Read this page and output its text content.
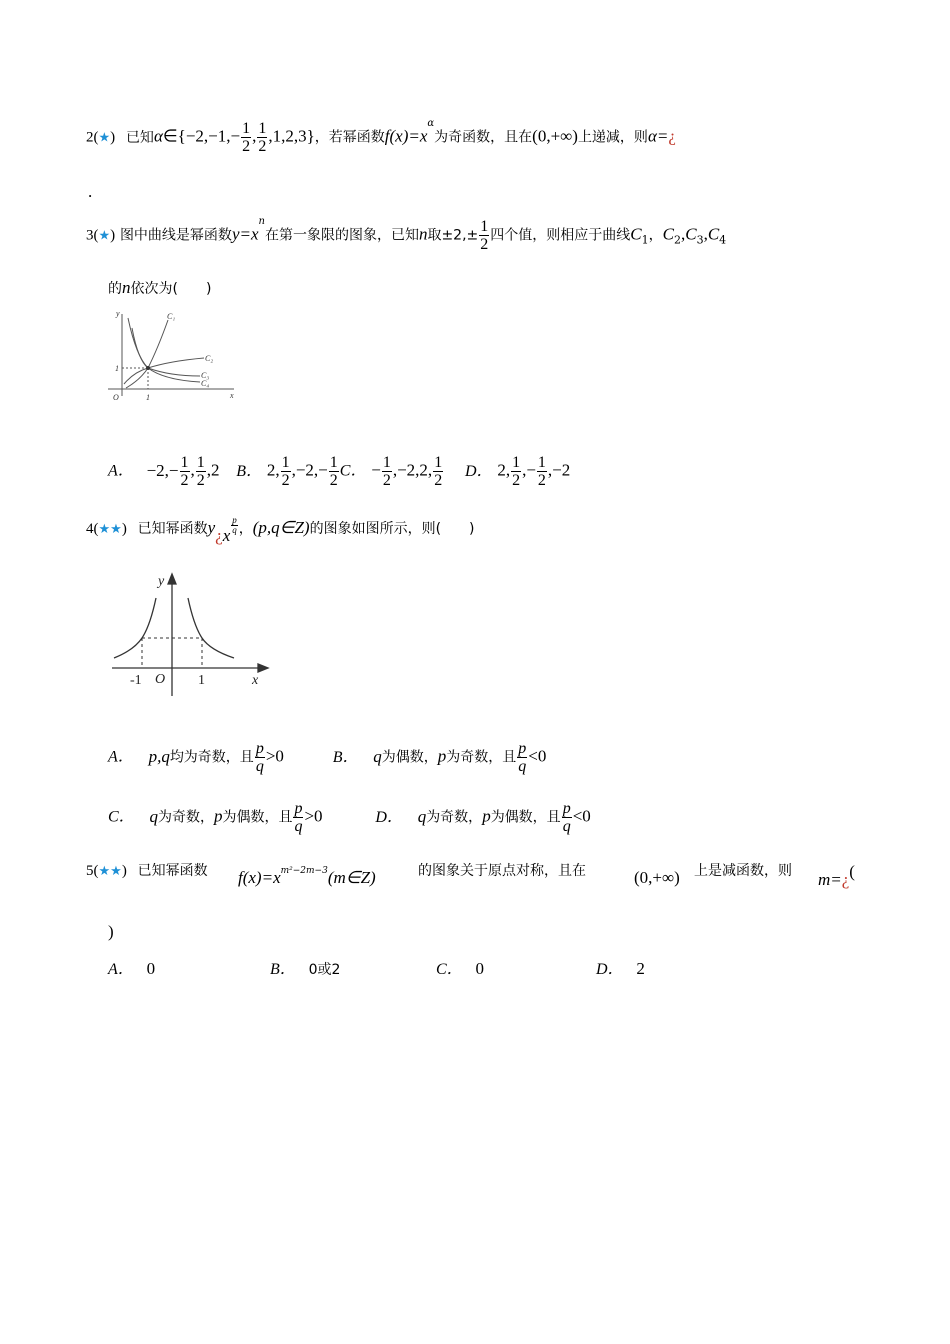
2(★) 已知α∈{−2,−1,− $\frac{1}{2}$ , $\frac{1}{2} ,1,2,3$}，若幂函数$f(x)=x^\alpha$为奇函数，且在(0,+∞)上递减，则α=¿
.
3(★) 图中曲线是幂函数$y=x^n$在第一象限的图象，已知n取$\pm 2,\pm \frac{1}{2}$ 四个值，则相应于曲线$C_1$，$C_2,C_3,C_4$
的n依次为(　　)
y
x
O	1
1
C₁
C₂
C₃
C₄
A． $-2,- \frac{1}{2}$ , $\frac{1}{2} ,2$ B． 2, $\frac{1}{2} ,-2,- \frac{1}{2}$ C． − $\frac{1}{2} ,-2,2$, $\frac{1}{2}$ D． 2, $\frac{1}{2}$ ,− $\frac{1}{2} ,-2$
4(★★) 已知幂函数y¿x
$\frac{p}{q}$ ，(p,q∈Z)的图象如图所示，则(　　)
y
x
O
-1	1
A． p,q均为奇数，且 $\frac{p}{q} >0$	B． q为偶数，p为奇数，且 $\frac{p}{q} <0$
C． q为奇数，p为偶数，且 $\frac{p}{q} >0$	D． q为奇数，p为偶数，且 $\frac{p}{q} <0$
5(★★) 已知幂函数 $f(x)=x^{m^2-2m-3}(m\in Z)$	的图象关于原点对称，且在	(0,+∞) 上是减函数，则 m=¿(
)
A． 0	B． 0或2	C． 0	D． 2
